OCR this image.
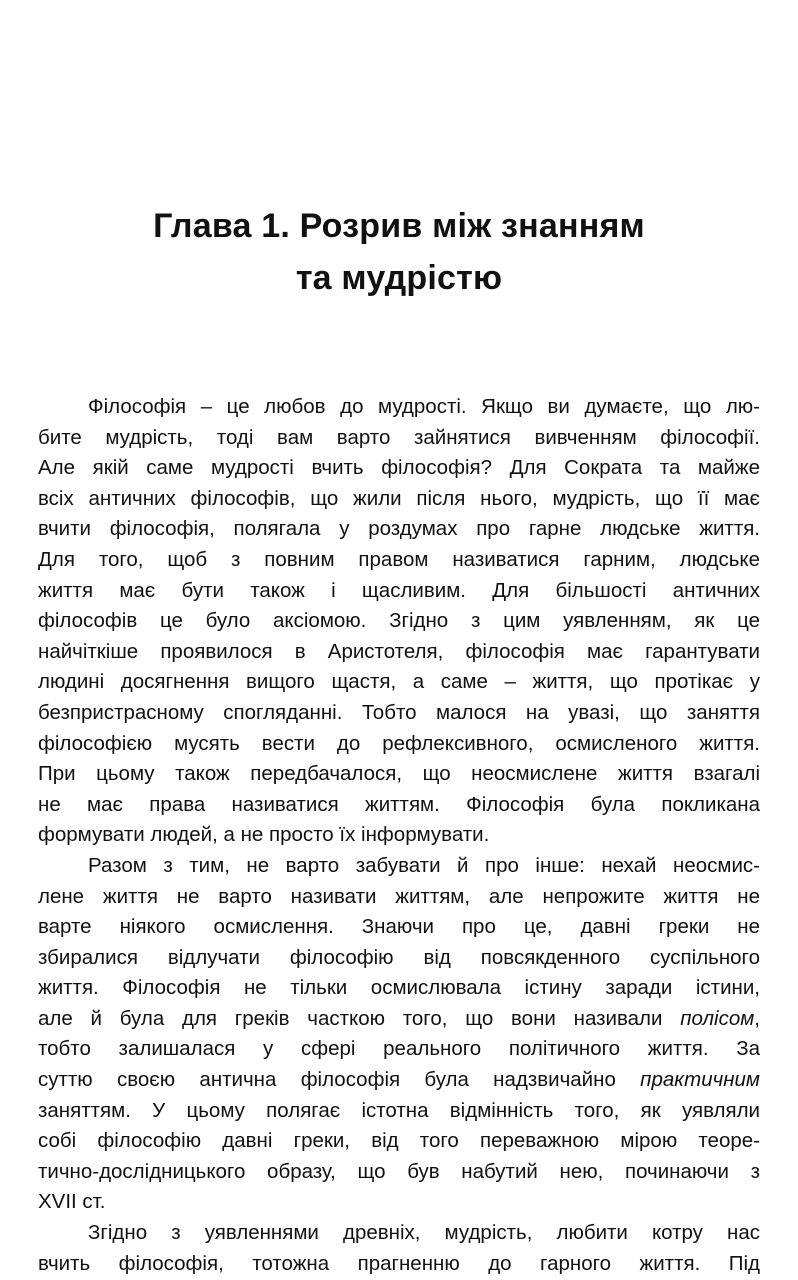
Глава 1. Розрив між знанням
та мудрістю

Філософія – це любов до мудрості. Якщо ви думаєте, що лю-
бите мудрість, тоді вам варто зайнятися вивченням філософії.
Але якій саме мудрості вчить філософія? Для Сократа та майже
всіх античних філософів, що жили після нього, мудрість, що її має
вчити філософія, полягала у роздумах про гарне людське життя.
Для того, щоб з повним правом називатися гарним, людське
життя має бути також і щасливим. Для більшості античних
філософів це було аксіомою. Згідно з цим уявленням, як це
найчіткіше проявилося в Аристотеля, філософія має гарантувати
людині досягнення вищого щастя, а саме – життя, що протікає у
безпристрасному спогляданні. Тобто малося на увазі, що заняття
філософією мусять вести до рефлексивного, осмисленого життя.
При цьому також передбачалося, що неосмислене життя взагалі
не має права називатися життям. Філософія була покликана
формувати людей, а не просто їх інформувати.

Разом з тим, не варто забувати й про інше: нехай неосмис-
лене життя не варто називати життям, але непрожите життя не
варте ніякого осмислення. Знаючи про це, давні греки не
збиралися відлучати філософію від повсякденного суспільного
життя. Філософія не тільки осмислювала істину заради істини,
але й була для греків часткою того, що вони називали полісом,
тобто залишалася у сфері реального політичного життя. За
суттю своєю антична філософія була надзвичайно практичним
заняттям. У цьому полягає істотна відмінність того, як уявляли
собі філософію давні греки, від того переважною мірою теоре-
тично-дослідницького образу, що був набутий нею, починаючи з
XVII ст.

Згідно з уявленнями древніх, мудрість, любити котру нас
вчить філософія, тотожна прагненню до гарного життя. Під
